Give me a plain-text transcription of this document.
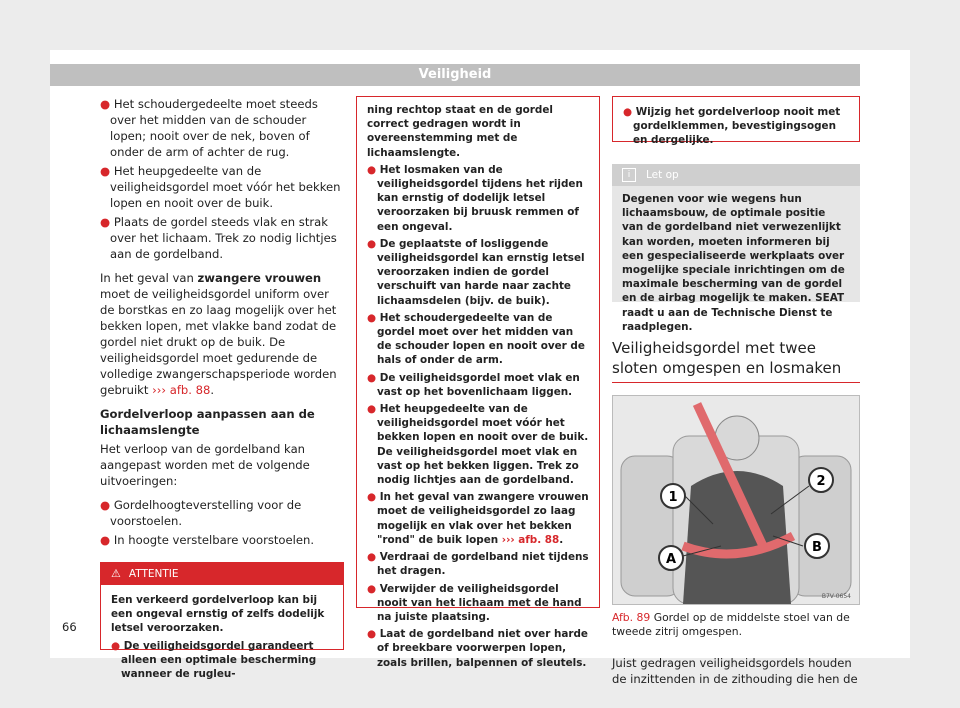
Veiligheid

● Het schoudergedeelte moet steeds over het midden van de schouder lopen; nooit over de nek, boven of onder de arm of achter de rug.

● Het heupgedeelte van de veiligheidsgordel moet vóór het bekken lopen en nooit over de buik.

● Plaats de gordel steeds vlak en strak over het lichaam. Trek zo nodig lichtjes aan de gordelband.

In het geval van zwangere vrouwen moet de veiligheidsgordel uniform over de borstkas en zo laag mogelijk over het bekken lopen, met vlakke band zodat de gordel niet drukt op de buik. De veiligheidsgordel moet gedurende de volledige zwangerschapsperiode worden gebruikt ››› afb. 88.

Gordelverloop aanpassen aan de lichaamslengte

Het verloop van de gordelband kan aangepast worden met de volgende uitvoeringen:

● Gordelhoogteverstelling voor de voorstoelen.

● In hoogte verstelbare voorstoelen.

⚠ ATTENTIE

Een verkeerd gordelverloop kan bij een ongeval ernstig of zelfs dodelijk letsel veroorzaken.

● De veiligheidsgordel garandeert alleen een optimale bescherming wanneer de rugleu-

ning rechtop staat en de gordel correct gedragen wordt in overeenstemming met de lichaamslengte.

● Het losmaken van de veiligheidsgordel tijdens het rijden kan ernstig of dodelijk letsel veroorzaken bij bruusk remmen of een ongeval.

● De geplaatste of losliggende veiligheidsgordel kan ernstig letsel veroorzaken indien de gordel verschuift van harde naar zachte lichaamsdelen (bijv. de buik).

● Het schoudergedeelte van de gordel moet over het midden van de schouder lopen en nooit over de hals of onder de arm.

● De veiligheidsgordel moet vlak en vast op het bovenlichaam liggen.

● Het heupgedeelte van de veiligheidsgordel moet vóór het bekken lopen en nooit over de buik. De veiligheidsgordel moet vlak en vast op het bekken liggen. Trek zo nodig lichtjes aan de gordelband.

● In het geval van zwangere vrouwen moet de veiligheidsgordel zo laag mogelijk en vlak over het bekken "rond" de buik lopen ››› afb. 88.

● Verdraai de gordelband niet tijdens het dragen.

● Verwijder de veiligheidsgordel nooit van het lichaam met de hand na juiste plaatsing.

● Laat de gordelband niet over harde of breekbare voorwerpen lopen, zoals brillen, balpennen of sleutels.

● Wijzig het gordelverloop nooit met gordelklemmen, bevestigingsogen en dergelijke.

i Let op
Degenen voor wie wegens hun lichaamsbouw, de optimale positie van de gordelband niet verwezenlijkt kan worden, moeten informeren bij een gespecialiseerde werkplaats over mogelijke speciale inrichtingen om de maximale bescherming van de gordel en de airbag mogelijk te maken. SEAT raadt u aan de Technische Dienst te raadplegen.
Veiligheidsgordel met twee sloten omgespen en losmaken
1
2
A
B
B7V-0654
Afb. 89 Gordel op de middelste stoel van de tweede zitrij omgespen.

Juist gedragen veiligheidsgordels houden de inzittenden in de zithouding die hen de

66
